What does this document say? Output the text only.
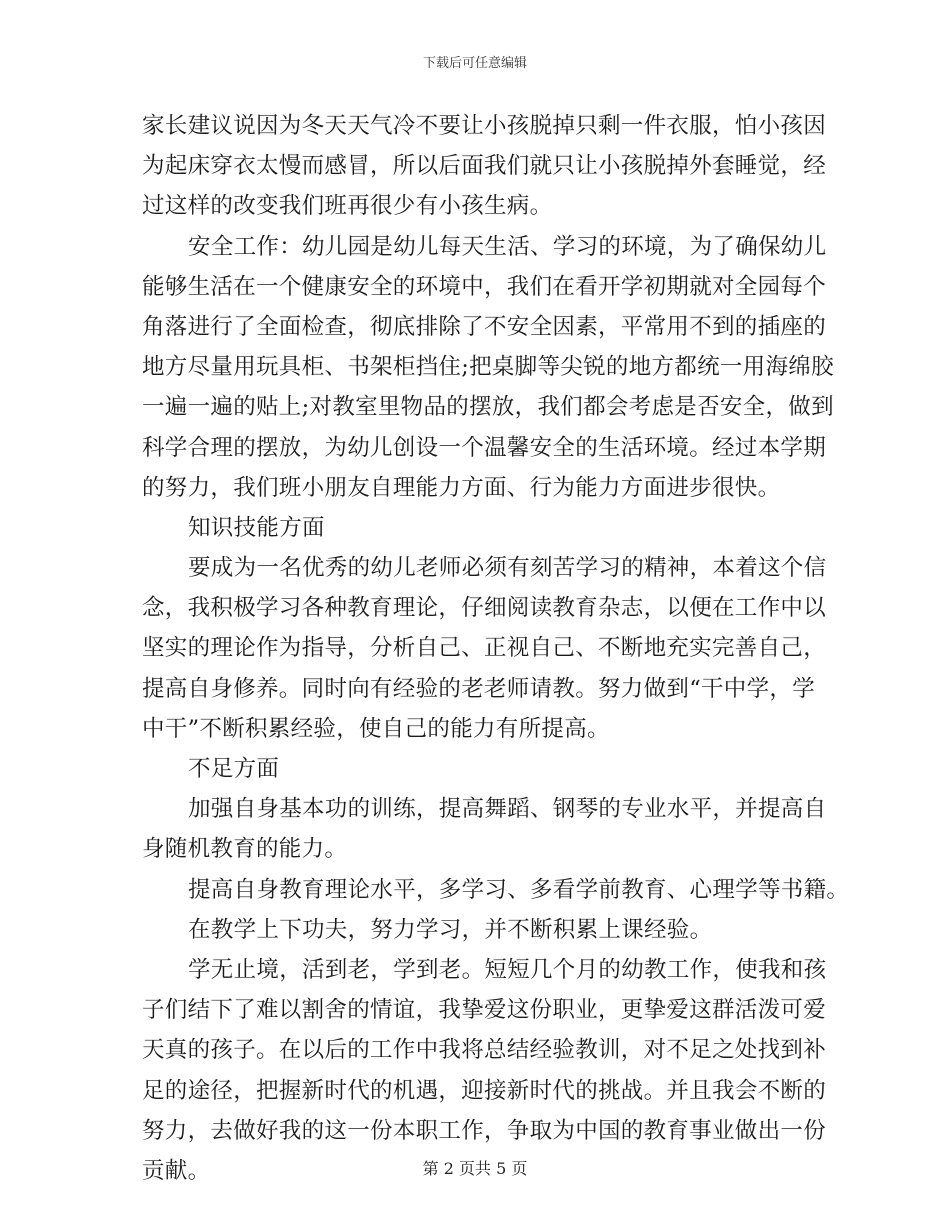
下载后可任意编辑
家长建议说因为冬天天气冷不要让小孩脱掉只剩一件衣服，怕小孩因
为起床穿衣太慢而感冒，所以后面我们就只让小孩脱掉外套睡觉，经
过这样的改变我们班再很少有小孩生病。
安全工作：幼儿园是幼儿每天生活、学习的环境，为了确保幼儿
能够生活在一个健康安全的环境中，我们在看开学初期就对全园每个
角落进行了全面检查，彻底排除了不安全因素，平常用不到的插座的
地方尽量用玩具柜、书架柜挡住;把桌脚等尖锐的地方都统一用海绵胶
一遍一遍的贴上;对教室里物品的摆放，我们都会考虑是否安全，做到
科学合理的摆放，为幼儿创设一个温馨安全的生活环境。经过本学期
的努力，我们班小朋友自理能力方面、行为能力方面进步很快。
知识技能方面
要成为一名优秀的幼儿老师必须有刻苦学习的精神，本着这个信
念，我积极学习各种教育理论，仔细阅读教育杂志，以便在工作中以
坚实的理论作为指导，分析自己、正视自己、不断地充实完善自己，
提高自身修养。同时向有经验的老老师请教。努力做到“干中学，学
中干”不断积累经验，使自己的能力有所提高。
不足方面
加强自身基本功的训练，提高舞蹈、钢琴的专业水平，并提高自
身随机教育的能力。
提高自身教育理论水平，多学习、多看学前教育、心理学等书籍。
在教学上下功夫，努力学习，并不断积累上课经验。
学无止境，活到老，学到老。短短几个月的幼教工作，使我和孩
子们结下了难以割舍的情谊，我挚爱这份职业，更挚爱这群活泼可爱
天真的孩子。在以后的工作中我将总结经验教训，对不足之处找到补
足的途径，把握新时代的机遇，迎接新时代的挑战。并且我会不断的
努力，去做好我的这一份本职工作，争取为中国的教育事业做出一份
贡献。	第 2 页共 5 页
